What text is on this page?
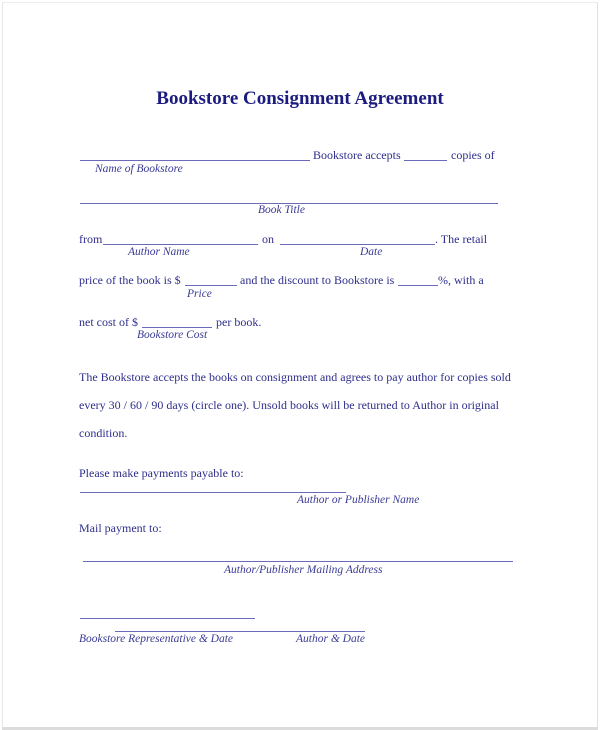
Bookstore Consignment Agreement
Bookstore accepts	copies of
Name of Bookstore
Book Title
from	on	. The retail
Author Name	Date
price of the book is $	and the discount to Bookstore is	%, with a
Price
net cost of $	per book.
Bookstore Cost
The Bookstore accepts the books on consignment and agrees to pay author for copies sold
every 30 / 60 / 90 days (circle one). Unsold books will be returned to Author in original
condition.
Please make payments payable to:
Author or Publisher Name
Mail payment to:
Author/Publisher Mailing Address
Bookstore Representative & Date	Author & Date
